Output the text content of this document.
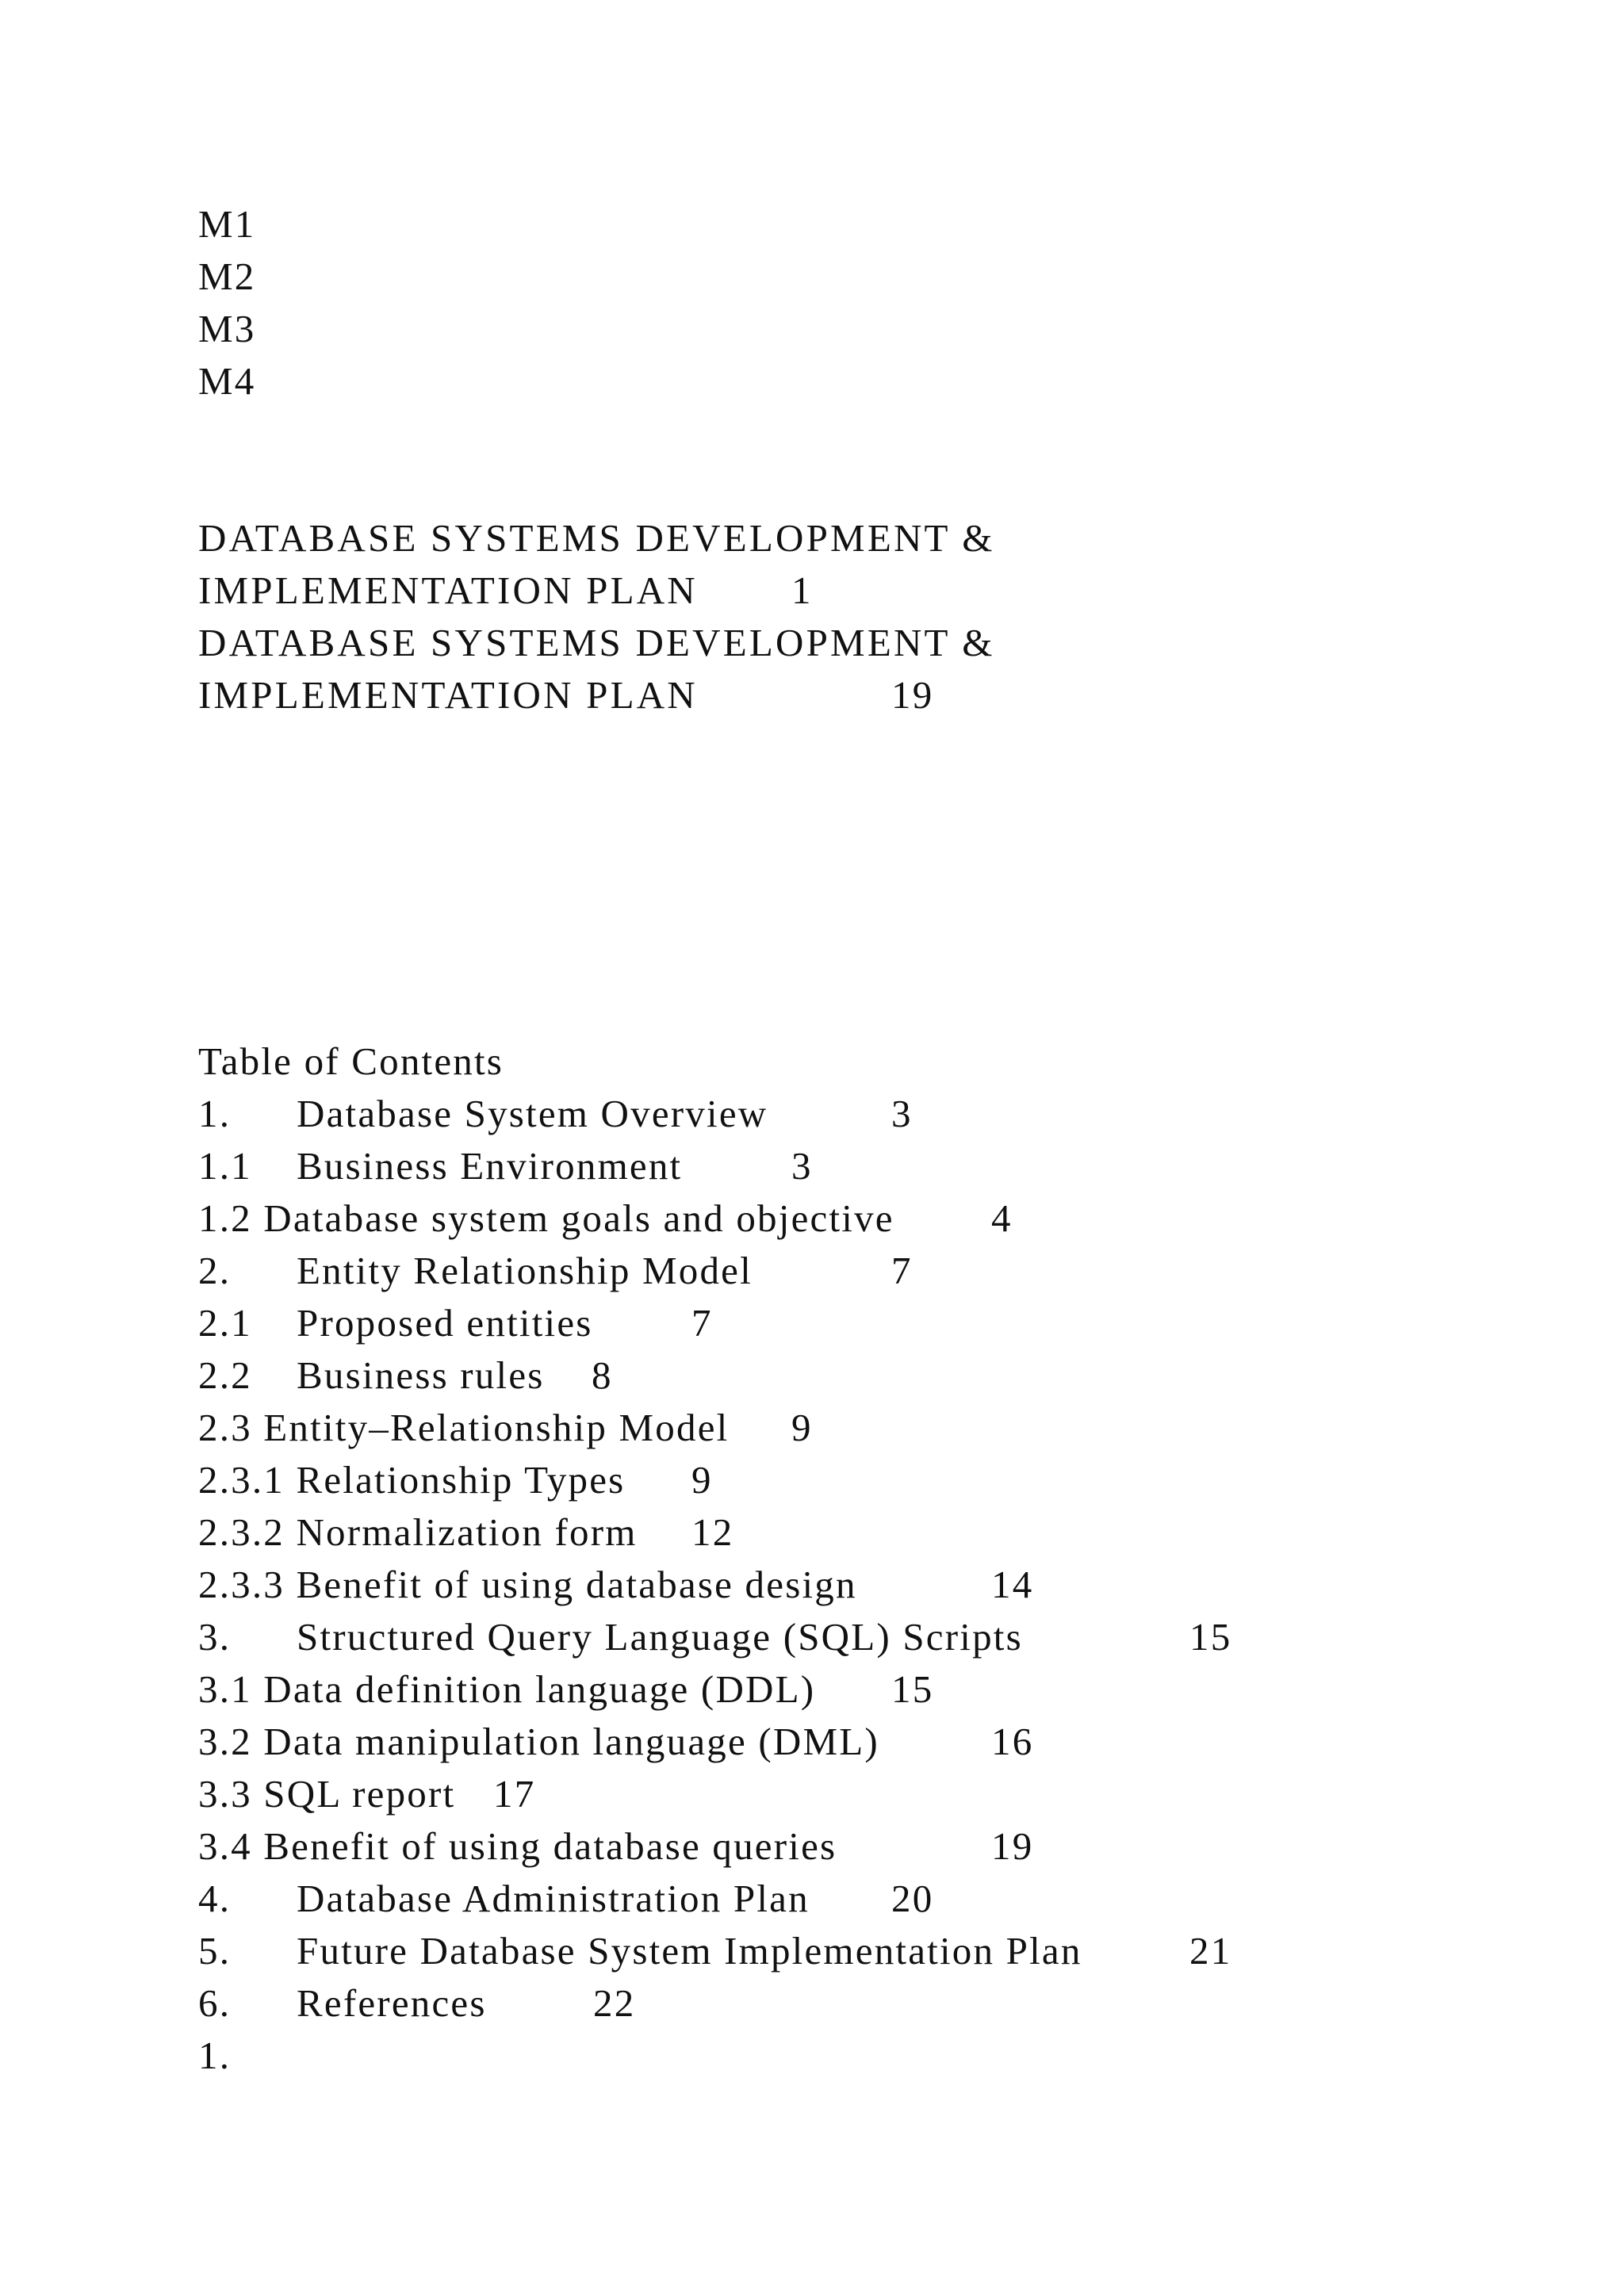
M1
M2
M3
M4
DATABASE SYSTEMS DEVELOPMENT &
IMPLEMENTATION PLAN 1
DATABASE SYSTEMS DEVELOPMENT &
IMPLEMENTATION PLAN	19
Table of Contents
1. Database System Overview	3
1.1 Business Environment	3
1.2 Database system goals and objective 4
2. Entity Relationship Model	7
2.1 Proposed entities	7
2.2 Business rules 8
2.3 Entity–Relationship Model 9
2.3.1 Relationship Types 9
2.3.2 Normalization form 12
2.3.3 Benefit of using database design	14
3. Structured Query Language (SQL) Scripts	15
3.1 Data definition language (DDL) 15
3.2 Data manipulation language (DML)	16
3.3 SQL report 17
3.4 Benefit of using database queries	19
4. Database Administration Plan 20
5. Future Database System Implementation Plan	21
6. References	22
1.
